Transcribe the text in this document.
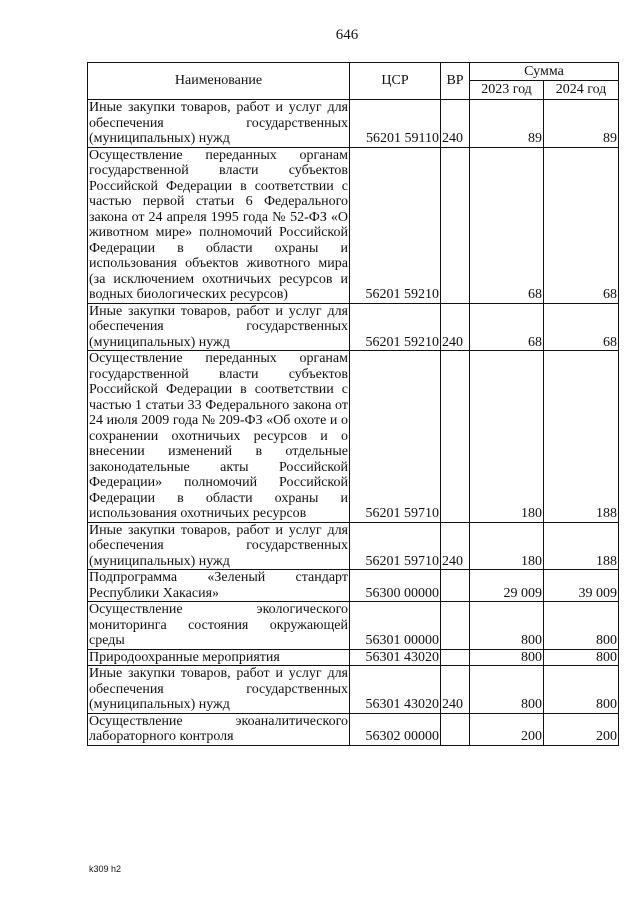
646
Наименование	ЦСР	ВР	Сумма	
			2023 год	2024 год
Иные закупки товаров, работ и услуг для обеспечения государственных (муниципальных) нужд	56201 59110	240	89	89
Осуществление переданных органам государственной власти субъектов Российской Федерации в соответствии с частью первой статьи 6 Федерального закона от 24 апреля 1995 года № 52-ФЗ «О животном мире» полномочий Российской Федерации в области охраны и использования объектов животного мира (за исключением охотничьих ресурсов и водных биологических ресурсов)	56201 59210		68	68
Иные закупки товаров, работ и услуг для обеспечения государственных (муниципальных) нужд	56201 59210	240	68	68
Осуществление переданных органам государственной власти субъектов Российской Федерации в соответствии с частью 1 статьи 33 Федерального закона от 24 июля 2009 года № 209-ФЗ «Об охоте и о сохранении охотничьих ресурсов и о внесении изменений в отдельные законодательные акты Российской Федерации» полномочий Российской Федерации в области охраны и использования охотничьих ресурсов	56201 59710		180	188
Иные закупки товаров, работ и услуг для обеспечения государственных (муниципальных) нужд	56201 59710	240	180	188
Подпрограмма «Зеленый стандарт Республики Хакасия»	56300 00000		29 009	39 009
Осуществление экологического мониторинга состояния окружающей среды	56301 00000		800	800
Природоохранные мероприятия	56301 43020		800	800
Иные закупки товаров, работ и услуг для обеспечения государственных (муниципальных) нужд	56301 43020	240	800	800
Осуществление экоаналитического лабораторного контроля	56302 00000		200	200
k309 h2
